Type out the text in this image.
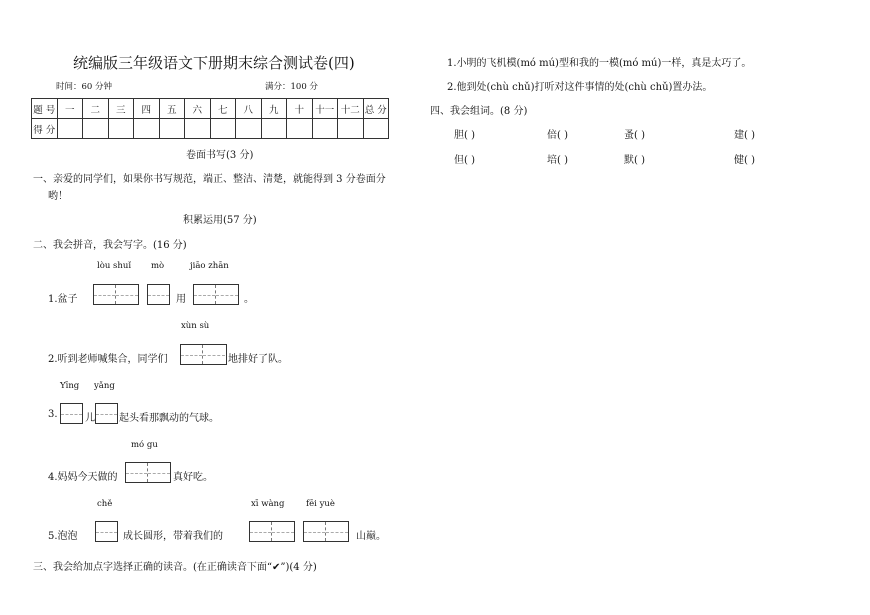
统编版三年级语文下册期末综合测试卷(四)
时间：60 分钟	满分：100 分
题 号	一	二	三	四	五	六	七	八	九	十	十一	十二	总 分
得 分													
卷面书写(3 分)
一、亲爱的同学们，如果你书写规范，端正、整洁、清楚，就能得到 3 分卷面分
哟！
积累运用(57 分)
二、我会拼音，我会写字。(16 分)
lòu shuǐ mò	jiāo zhān
1.盆子	用	。
xùn sù
2.听到老师喊集合，同学们	地排好了队。
Yīng yǎng
3.	儿 起头看那飘动的气球。
mó gu
4.妈妈今天做的	真好吃。
chě	xī wàng	fēi yuè
5.泡泡	成长圆形，带着我们的	山巅。
三、我会给加点字选择正确的读音。(在正确读音下面“✔”)(4 分)
1.小明的飞机模(mó mú)型和我的一模(mó mú)一样，真是太巧了。
2.他到处(chù chǔ)打听对这件事情的处(chù chǔ)置办法。
四、我会组词。(8 分)
胆( )	倍( )	蚤( )	建( )
但( )	培( )	默( )	健( )
